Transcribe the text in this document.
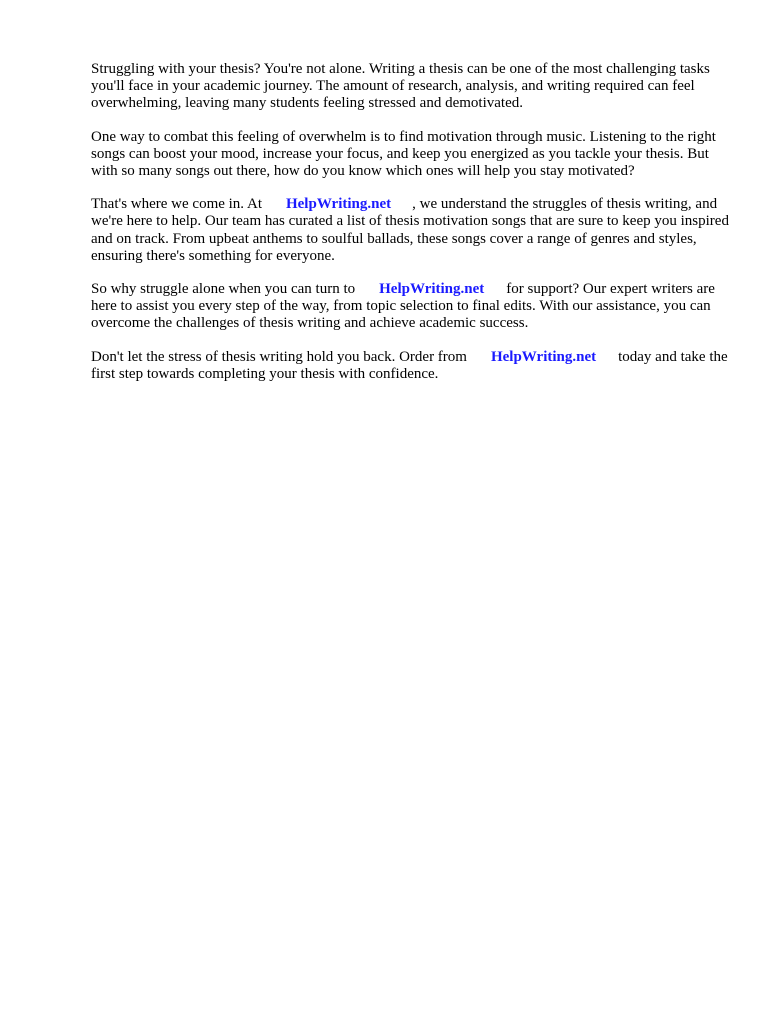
Struggling with your thesis? You're not alone. Writing a thesis can be one of the most challenging tasks you'll face in your academic journey. The amount of research, analysis, and writing required can feel overwhelming, leaving many students feeling stressed and demotivated.

One way to combat this feeling of overwhelm is to find motivation through music. Listening to the right songs can boost your mood, increase your focus, and keep you energized as you tackle your thesis. But with so many songs out there, how do you know which ones will help you stay motivated?

That's where we come in. At HelpWriting.net , we understand the struggles of thesis writing, and we're here to help. Our team has curated a list of thesis motivation songs that are sure to keep you inspired and on track. From upbeat anthems to soulful ballads, these songs cover a range of genres and styles, ensuring there's something for everyone.

So why struggle alone when you can turn to HelpWriting.net for support? Our expert writers are here to assist you every step of the way, from topic selection to final edits. With our assistance, you can overcome the challenges of thesis writing and achieve academic success.

Don't let the stress of thesis writing hold you back. Order from HelpWriting.net today and take the first step towards completing your thesis with confidence.
